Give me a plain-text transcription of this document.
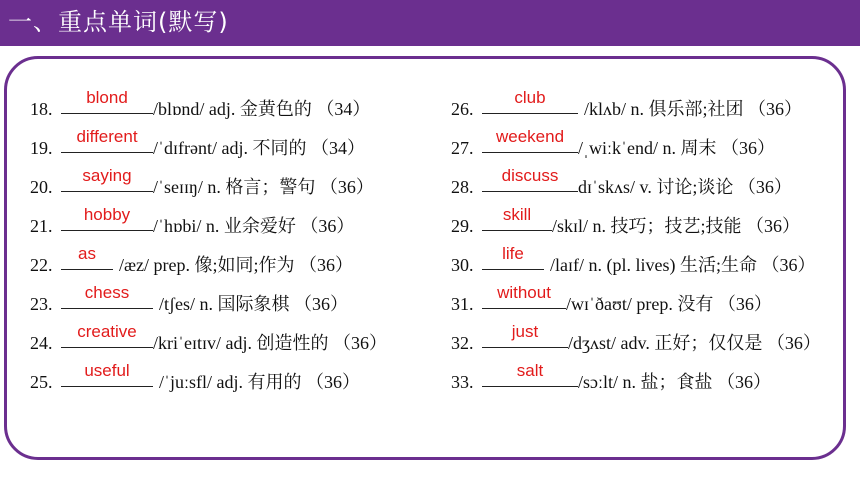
一、重点单词(默写)
18.
blond
/blɒnd/ adj. 金黄色的 （34）
19.
different
/ˈdɪfrənt/ adj. 不同的 （34）
20.
saying
/ˈseɪɪŋ/ n. 格言；警句 （36）
21.
hobby
/ˈhɒbi/ n. 业余爱好 （36）
22.
as
/æz/ prep. 像;如同;作为 （36）
23.
chess
/tʃes/ n. 国际象棋 （36）
24.
creative
/kriˈeɪtɪv/ adj. 创造性的 （36）
25.
useful
/ˈjuːsfl/ adj. 有用的 （36）
26.
club
/klʌb/ n. 俱乐部;社团 （36）
27.
weekend
/ˌwiːkˈend/ n. 周末 （36）
28.
discuss
dɪˈskʌs/ v. 讨论;谈论 （36）
29.
skill
/skɪl/ n. 技巧；技艺;技能 （36）
30.
life
/laɪf/ n. (pl. lives) 生活;生命 （36）
31.
without
/wɪˈðaʊt/ prep. 没有 （36）
32.
just
/dʒʌst/ adv. 正好；仅仅是 （36）
33.
salt
/sɔːlt/ n. 盐；食盐 （36）
